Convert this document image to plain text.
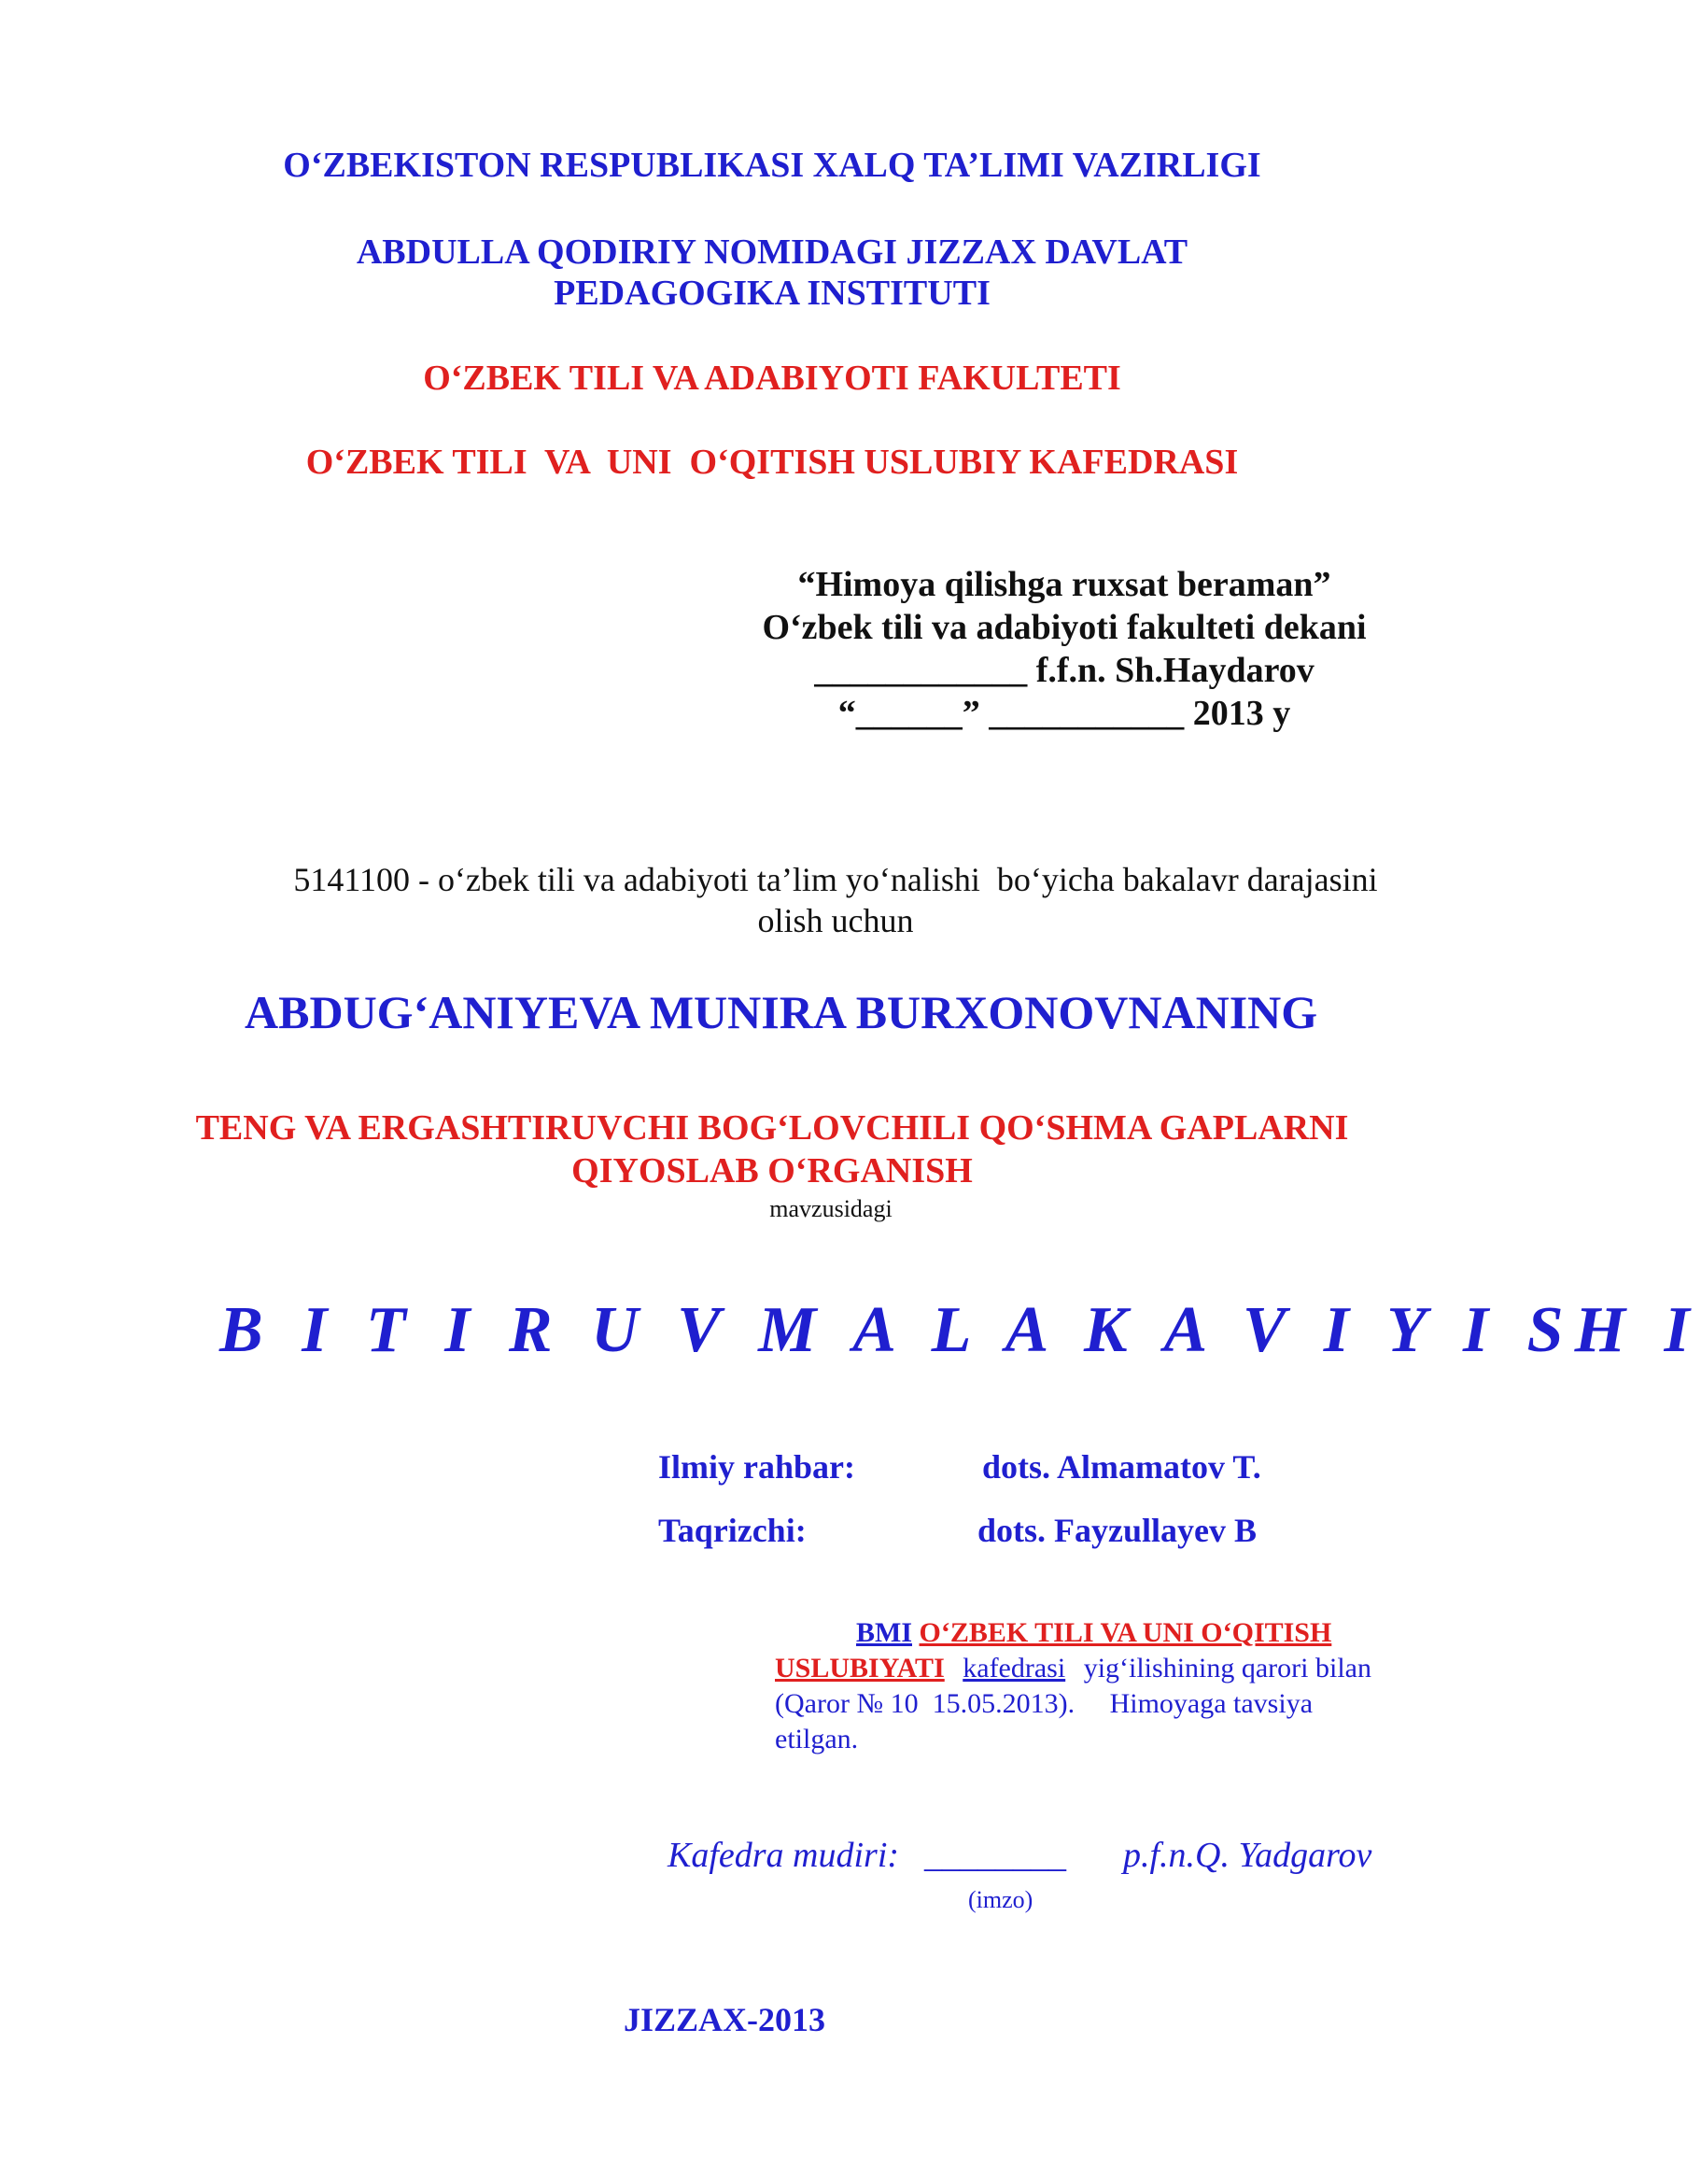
O‘ZBEKISTON RESPUBLIKASI XALQ TA’LIMI VAZIRLIGI
ABDULLA QODIRIY NOMIDAGI JIZZAX DAVLAT
PEDAGOGIKA INSTITUTI
O‘ZBEK TILI VA ADABIYOTI FAKULTETI
O‘ZBEK TILI  VA  UNI  O‘QITISH USLUBIY KAFEDRASI
“Himoya qilishga ruxsat beraman”
O‘zbek tili va adabiyoti fakulteti dekani
____________ f.f.n. Sh.Haydarov
“______” ___________ 2013 y
5141100 - o‘zbek tili va adabiyoti ta’lim yo‘nalishi  bo‘yicha bakalavr darajasini
olish uchun
ABDUG‘ANIYEVA MUNIRA BURXONOVNANING
TENG VA ERGASHTIRUVCHI BOG‘LOVCHILI QO‘SHMA GAPLARNI
QIYOSLAB O‘RGANISH
mavzusidagi
B I T I R U V M A L A K A V I Y I SH I
Ilmiy rahbar:	dots. Almamatov T.
Taqrizchi:	dots. Fayzullayev B
BMI O‘ZBEK TILI VA UNI O‘QITISH
USLUBIYATI kafedrasi yig‘ilishining qarori bilan
(Qaror № 10  15.05.2013).     Himoyaga tavsiya
etilgan.
Kafedra mudiri: ________ p.f.n.Q. Yadgarov
(imzo)
JIZZAX-2013
